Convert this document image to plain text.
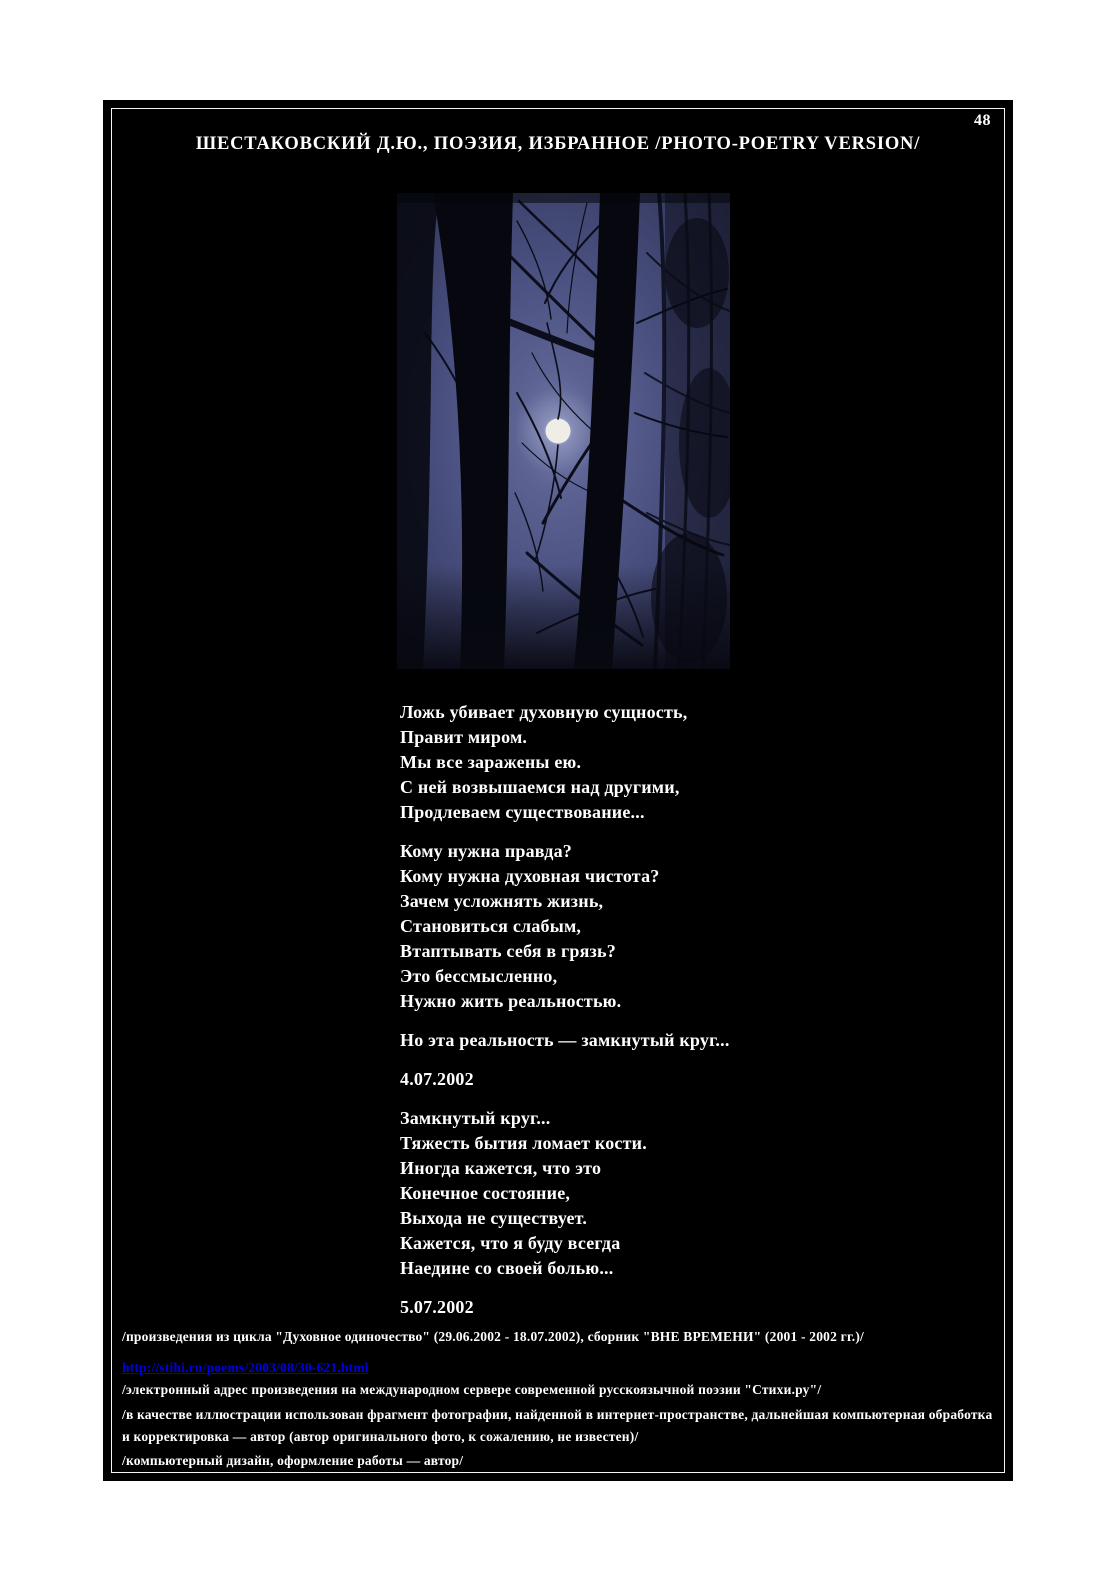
48
ШЕСТАКОВСКИЙ Д.Ю., ПОЭЗИЯ, ИЗБРАННОЕ /PHOTO-POETRY VERSION/

Ложь убивает духовную сущность,
Правит миром.
Мы все заражены ею.
С ней возвышаемся над другими,
Продлеваем существование...

Кому нужна правда?
Кому нужна духовная чистота?
Зачем усложнять жизнь,
Становиться слабым,
Втаптывать себя в грязь?
Это бессмысленно,
Нужно жить реальностью.

Но эта реальность — замкнутый круг...

4.07.2002

Замкнутый круг...
Тяжесть бытия ломает кости.
Иногда кажется, что это
Конечное состояние,
Выхода не существует.
Кажется, что я буду всегда
Наедине со своей болью...

5.07.2002

/произведения из цикла "Духовное одиночество" (29.06.2002 - 18.07.2002), сборник "ВНЕ ВРЕМЕНИ" (2001 - 2002 гг.)/

http://stihi.ru/poems/2003/08/30-621.html

/электронный адрес произведения на международном сервере современной русскоязычной поэзии "Стихи.ру"/

/в качестве иллюстрации использован фрагмент фотографии, найденной в интернет-пространстве, дальнейшая компьютерная обработка и корректировка — автор (автор оригинального фото, к сожалению, не известен)/

/компьютерный дизайн, оформление работы — автор/
